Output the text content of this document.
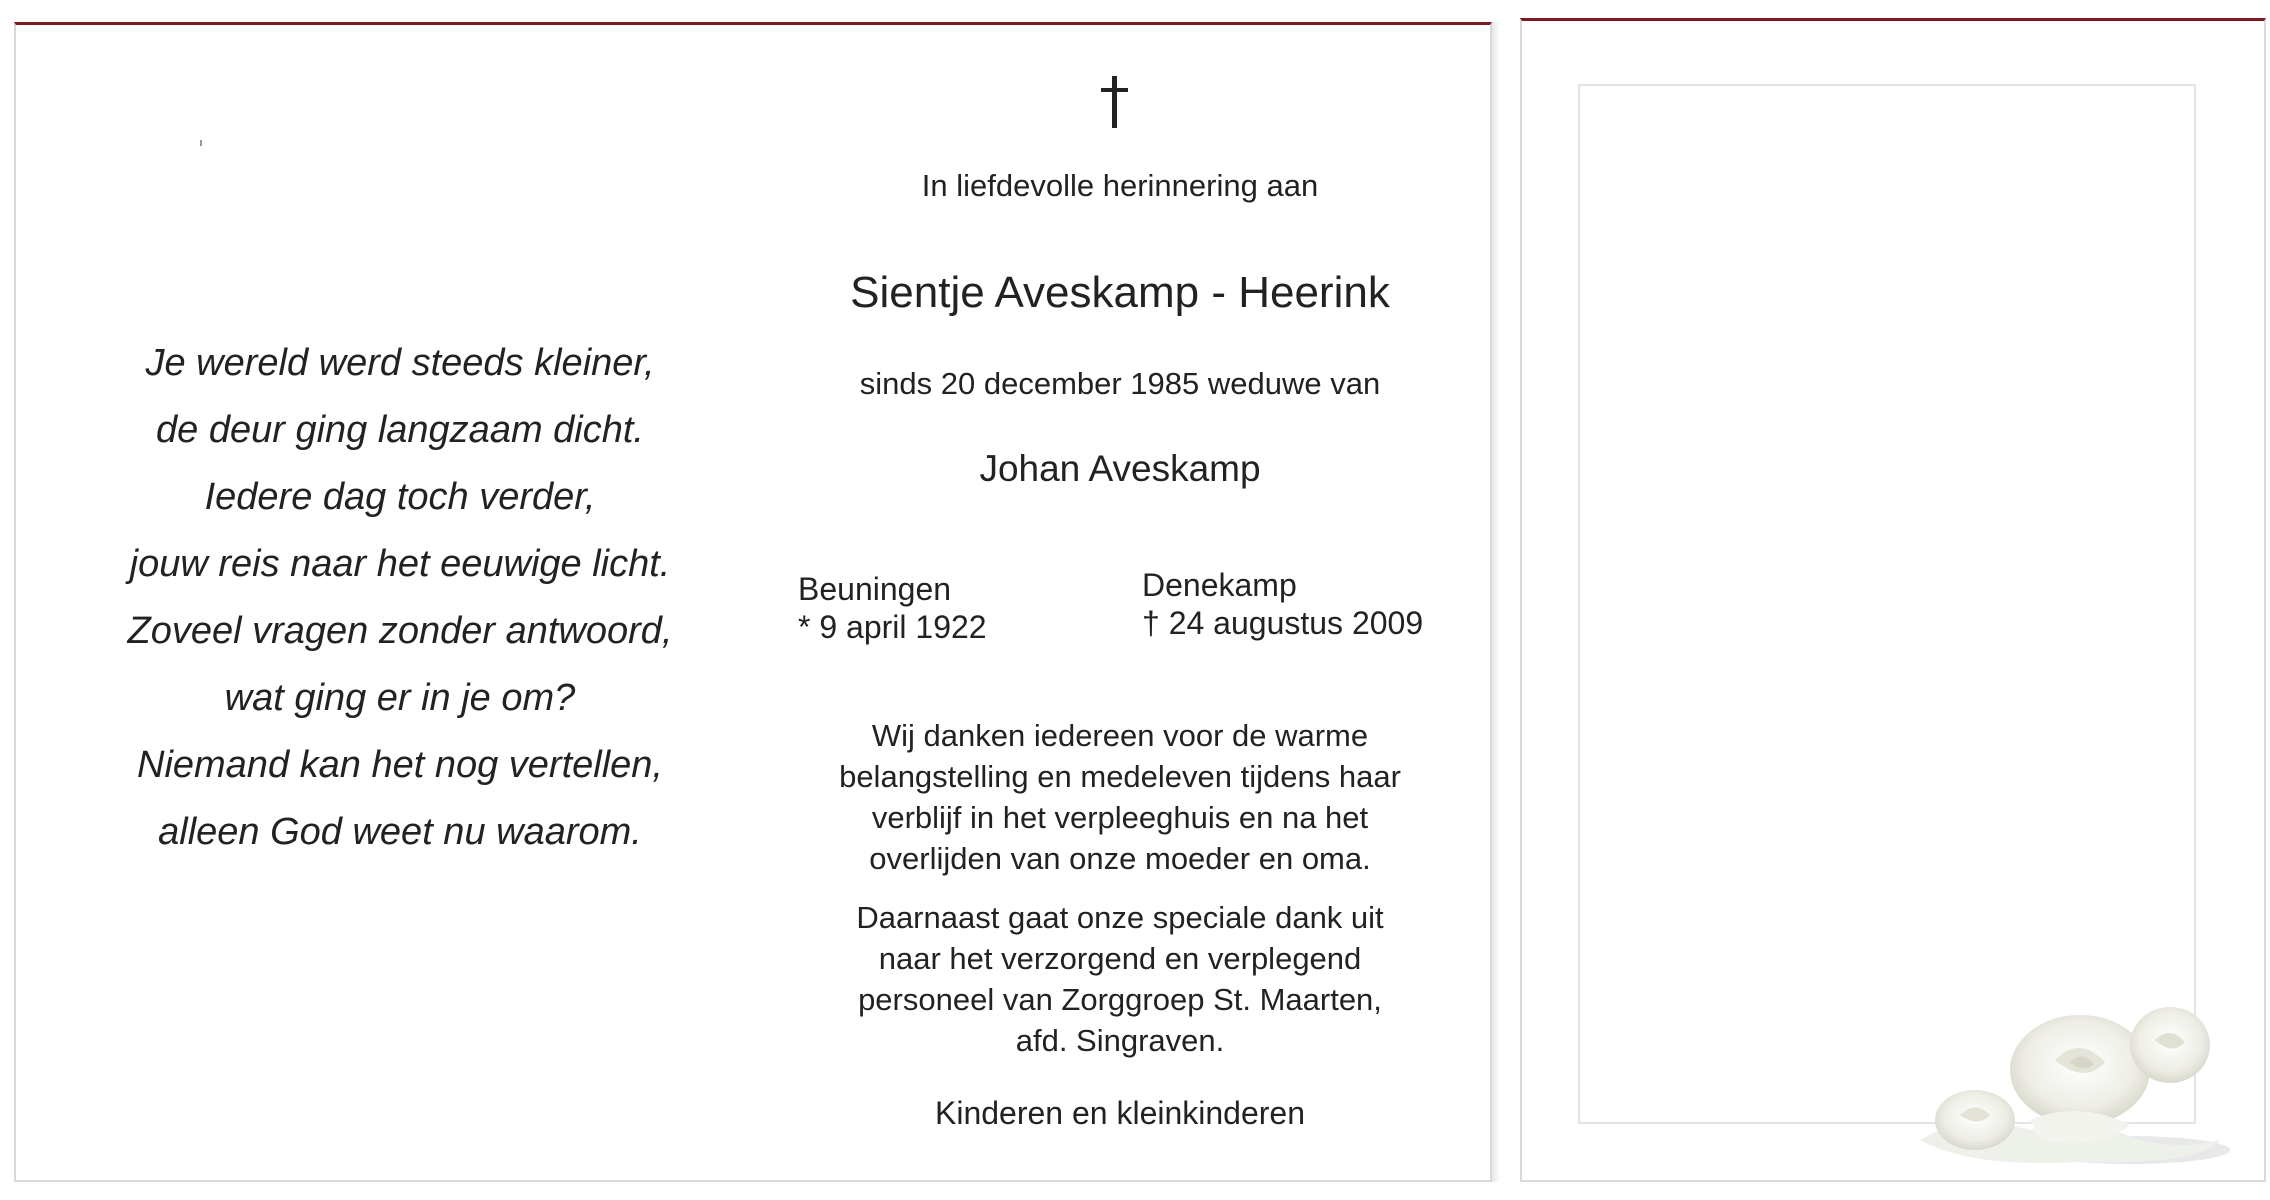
Je wereld werd steeds kleiner,
de deur ging langzaam dicht.
Iedere dag toch verder,
jouw reis naar het eeuwige licht.
Zoveel vragen zonder antwoord,
wat ging er in je om?
Niemand kan het nog vertellen,
alleen God weet nu waarom.
In liefdevolle herinnering aan
Sientje Aveskamp - Heerink
sinds 20 december 1985 weduwe van
Johan Aveskamp
Beuningen
* 9 april 1922
Denekamp
† 24 augustus 2009
Wij danken iedereen voor de warme
belangstelling en medeleven tijdens haar
verblijf in het verpleeghuis en na het
overlijden van onze moeder en oma.
Daarnaast gaat onze speciale dank uit
naar het verzorgend en verplegend
personeel van Zorggroep St. Maarten,
afd. Singraven.
Kinderen en kleinkinderen
